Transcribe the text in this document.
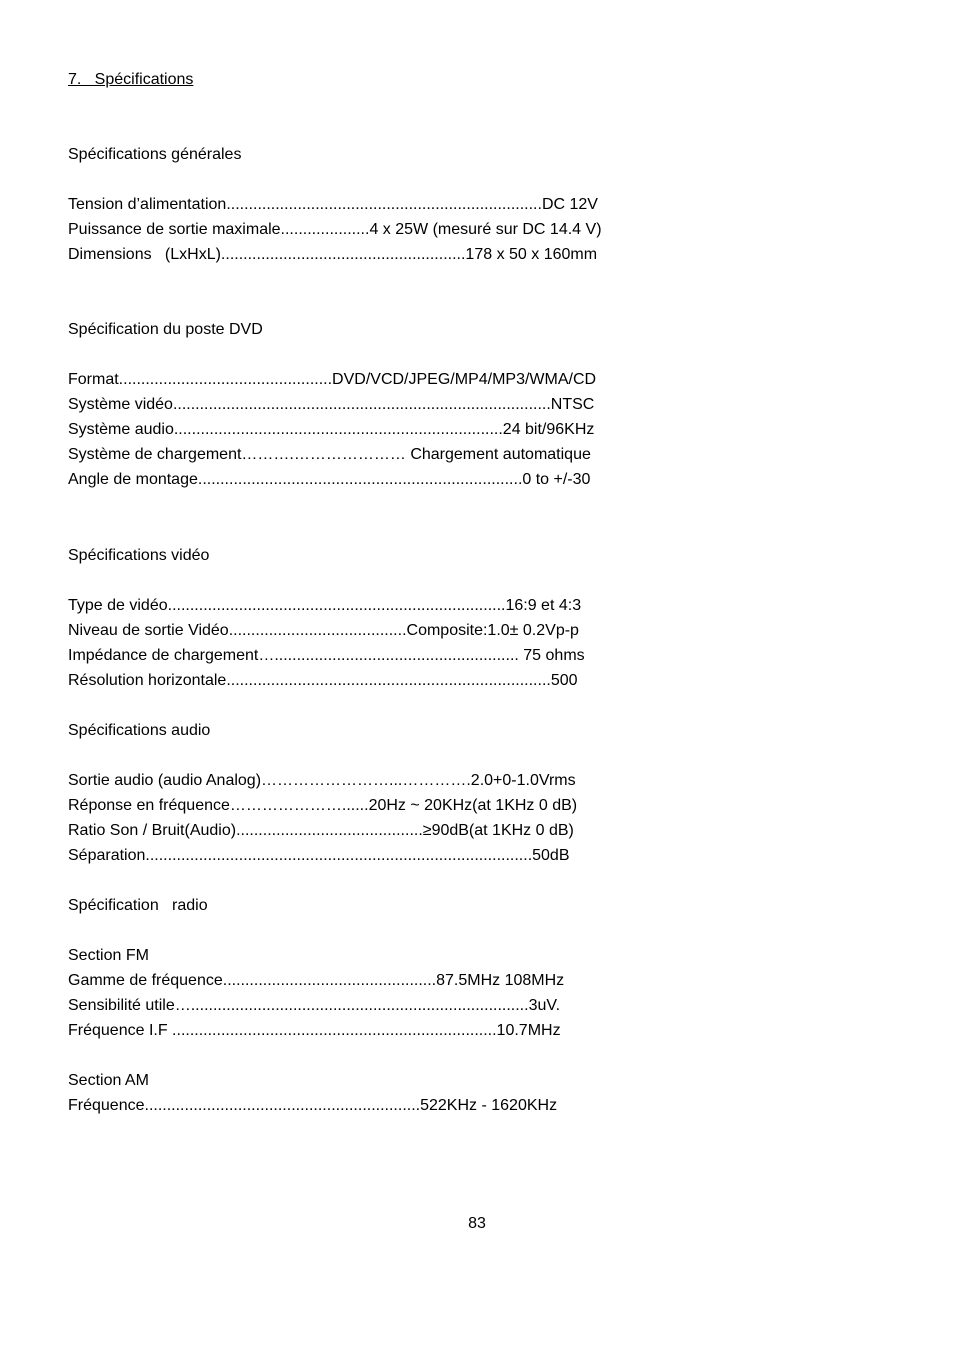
7.   Spécifications
Spécifications générales
Tension d’alimentation.......................................................................DC 12V
Puissance de sortie maximale....................4 x 25W (mesuré sur DC 14.4 V)
Dimensions   (LxHxL).......................................................178 x 50 x 160mm
Spécification du poste DVD
Format................................................DVD/VCD/JPEG/MP4/MP3/WMA/CD
Système vidéo.....................................................................................NTSC
Système audio..........................................................................24 bit/96KHz
Système de chargement……….………………… Chargement automatique
Angle de montage.........................................................................0 to +/-30
Spécifications vidéo
Type de vidéo............................................................................16:9 et 4:3
Niveau de sortie Vidéo........................................Composite:1.0± 0.2Vp-p
Impédance de chargement…....................................................... 75 ohms
Résolution horizontale.........................................................................500
Spécifications audio
Sortie audio (audio Analog)……………………...………….2.0+0-1.0Vrms
Réponse en fréquence…………………......20Hz ~ 20KHz(at 1KHz 0 dB)
Ratio Son / Bruit(Audio)..........................................≥90dB(at 1KHz 0 dB)
Séparation.......................................................................................50dB
Spécification   radio
Section FM
Gamme de fréquence................................................87.5MHz 108MHz
Sensibilité utile…............................................................................3uV.
Fréquence I.F .........................................................................10.7MHz
Section AM
Fréquence..............................................................522KHz - 1620KHz
83
